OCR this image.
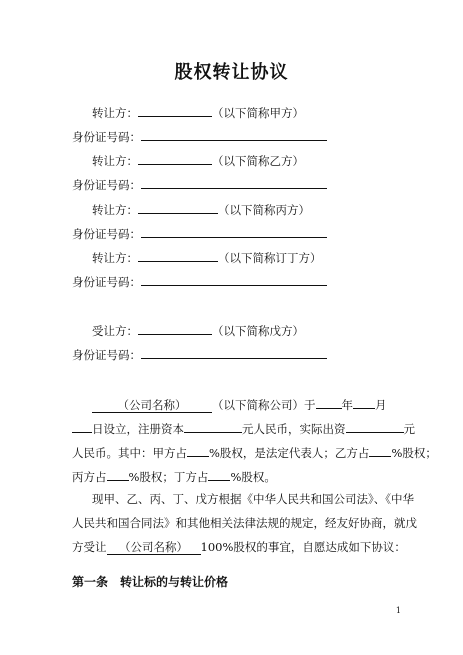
股权转让协议
转让方：	（以下简称甲方）
身份证号码：
转让方：	（以下简称乙方）
身份证号码：
转让方：	（以下简称丙方）
身份证号码：
转让方：	（以下简称订丁方）
身份证号码：
受让方：	（以下简称戊方）
身份证号码：
（公司名称） （以下简称公司）于 年 月
日设立，注册资本	元人民币，实际出资	元
人民币。其中：甲方占 %股权，是法定代表人；乙方占 %股权；
丙方占 %股权；丁方占 %股权。
现甲、乙、丙、丁、戊方根据《中华人民共和国公司法》、《中华
人民共和国合同法》和其他相关法律法规的规定，经友好协商，就戊
方受让 （公司名称） 100%股权的事宜，自愿达成如下协议：
第一条　转让标的与转让价格
1
